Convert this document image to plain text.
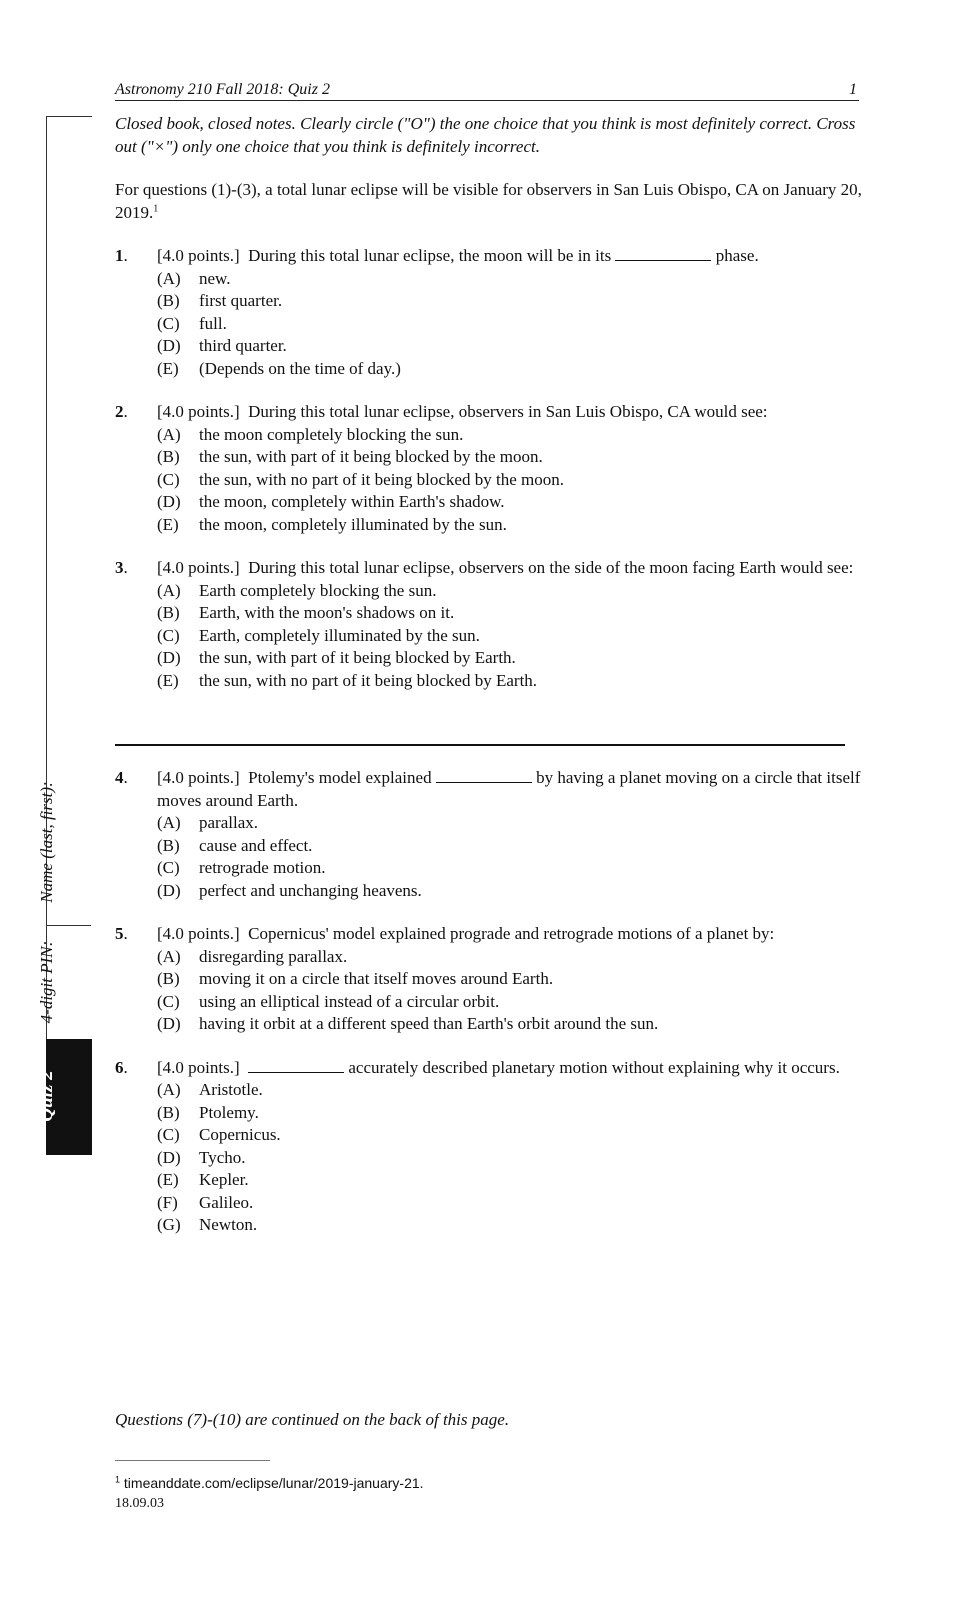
Astronomy 210 Fall 2018: Quiz 2	1
Name (last, first):
4-digit PIN:
Quiz 2

Closed book, closed notes. Clearly circle ("O") the one choice that you think is most definitely correct. Cross out ("×") only one choice that you think is definitely incorrect.

For questions (1)-(3), a total lunar eclipse will be visible for observers in San Luis Obispo, CA on January 20, 2019.$^1$

1. [4.0 points.] During this total lunar eclipse, the moon will be in its	phase.
(A)	new.
(B)	first quarter.
(C)	full.
(D)	third quarter.
(E)	(Depends on the time of day.)
2. [4.0 points.] During this total lunar eclipse, observers in San Luis Obispo, CA would see:
(A)	the moon completely blocking the sun.
(B)	the sun, with part of it being blocked by the moon.
(C)	the sun, with no part of it being blocked by the moon.
(D)	the moon, completely within Earth's shadow.
(E)	the moon, completely illuminated by the sun.
3. [4.0 points.] During this total lunar eclipse, observers on the side of the moon facing Earth would see:
(A)	Earth completely blocking the sun.
(B)	Earth, with the moon's shadows on it.
(C)	Earth, completely illuminated by the sun.
(D)	the sun, with part of it being blocked by Earth.
(E)	the sun, with no part of it being blocked by Earth.
4. [4.0 points.] Ptolemy's model explained	by having a planet moving on a circle that itself moves around Earth.
(A)	parallax.
(B)	cause and effect.
(C)	retrograde motion.
(D)	perfect and unchanging heavens.
5. [4.0 points.] Copernicus' model explained prograde and retrograde motions of a planet by:
(A)	disregarding parallax.
(B)	moving it on a circle that itself moves around Earth.
(C)	using an elliptical instead of a circular orbit.
(D)	having it orbit at a different speed than Earth's orbit around the sun.
6. [4.0 points.]	accurately described planetary motion without explaining why it occurs.
(A)	Aristotle.
(B)	Ptolemy.
(C)	Copernicus.
(D)	Tycho.
(E)	Kepler.
(F)	Galileo.
(G)	Newton.
Questions (7)-(10) are continued on the back of this page.
$^1$ timeanddate.com/eclipse/lunar/2019-january-21.
18.09.03
